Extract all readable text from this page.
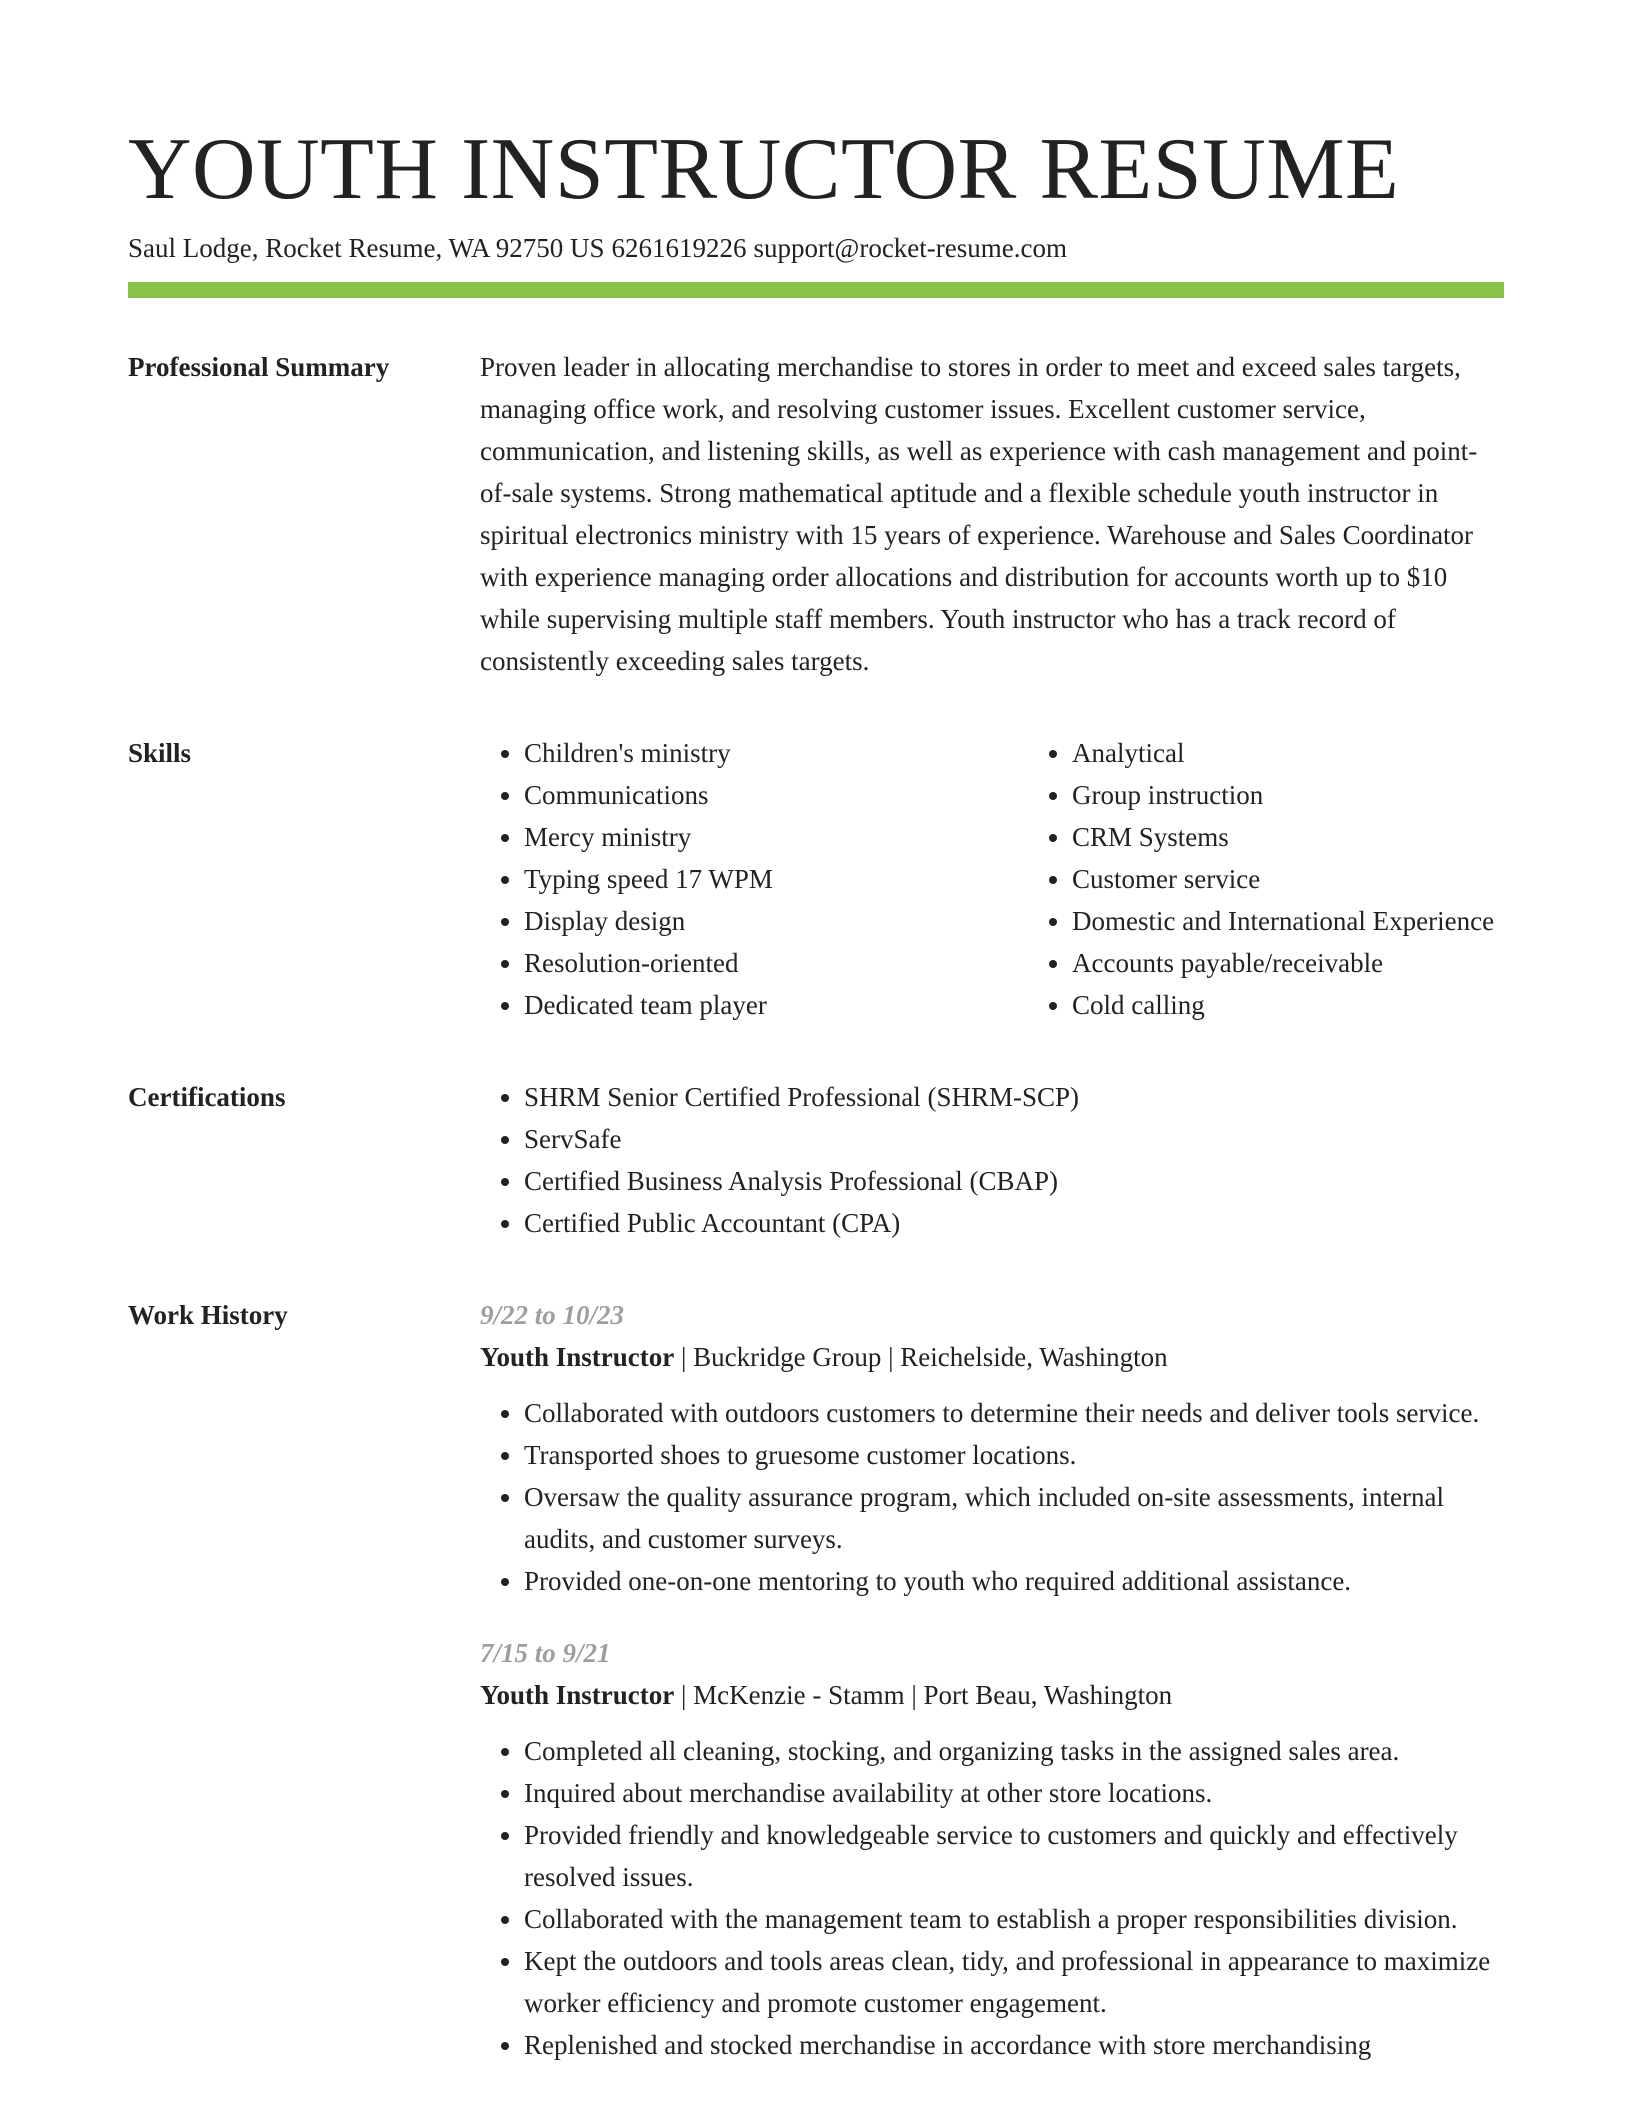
YOUTH INSTRUCTOR RESUME
Saul Lodge, Rocket Resume, WA 92750 US 6261619226 support@rocket-resume.com
Professional Summary	Proven leader in allocating merchandise to stores in order to meet and exceed sales targets, managing office work, and resolving customer issues. Excellent customer service, communication, and listening skills, as well as experience with cash management and point-of-sale systems. Strong mathematical aptitude and a flexible schedule youth instructor in spiritual electronics ministry with 15 years of experience. Warehouse and Sales Coordinator with experience managing order allocations and distribution for accounts worth up to $10 while supervising multiple staff members. Youth instructor who has a track record of consistently exceeding sales targets.

Skills	• Children's ministry
• Communications
• Mercy ministry
• Typing speed 17 WPM
• Display design
• Resolution-oriented
• Dedicated team player
• Analytical
• Group instruction
• CRM Systems
• Customer service
• Domestic and International Experience
• Accounts payable/receivable
• Cold calling
Certifications	• SHRM Senior Certified Professional (SHRM-SCP)
• ServSafe
• Certified Business Analysis Professional (CBAP)
• Certified Public Accountant (CPA)
Work History	9/22 to 10/23
Youth Instructor | Buckridge Group | Reichelside, Washington
• Collaborated with outdoors customers to determine their needs and deliver tools service.
• Transported shoes to gruesome customer locations.
• Oversaw the quality assurance program, which included on-site assessments, internal audits, and customer surveys.
• Provided one-on-one mentoring to youth who required additional assistance.
7/15 to 9/21
Youth Instructor | McKenzie - Stamm | Port Beau, Washington
• Completed all cleaning, stocking, and organizing tasks in the assigned sales area.
• Inquired about merchandise availability at other store locations.
• Provided friendly and knowledgeable service to customers and quickly and effectively resolved issues.
• Collaborated with the management team to establish a proper responsibilities division.
• Kept the outdoors and tools areas clean, tidy, and professional in appearance to maximize worker efficiency and promote customer engagement.
• Replenished and stocked merchandise in accordance with store merchandising
